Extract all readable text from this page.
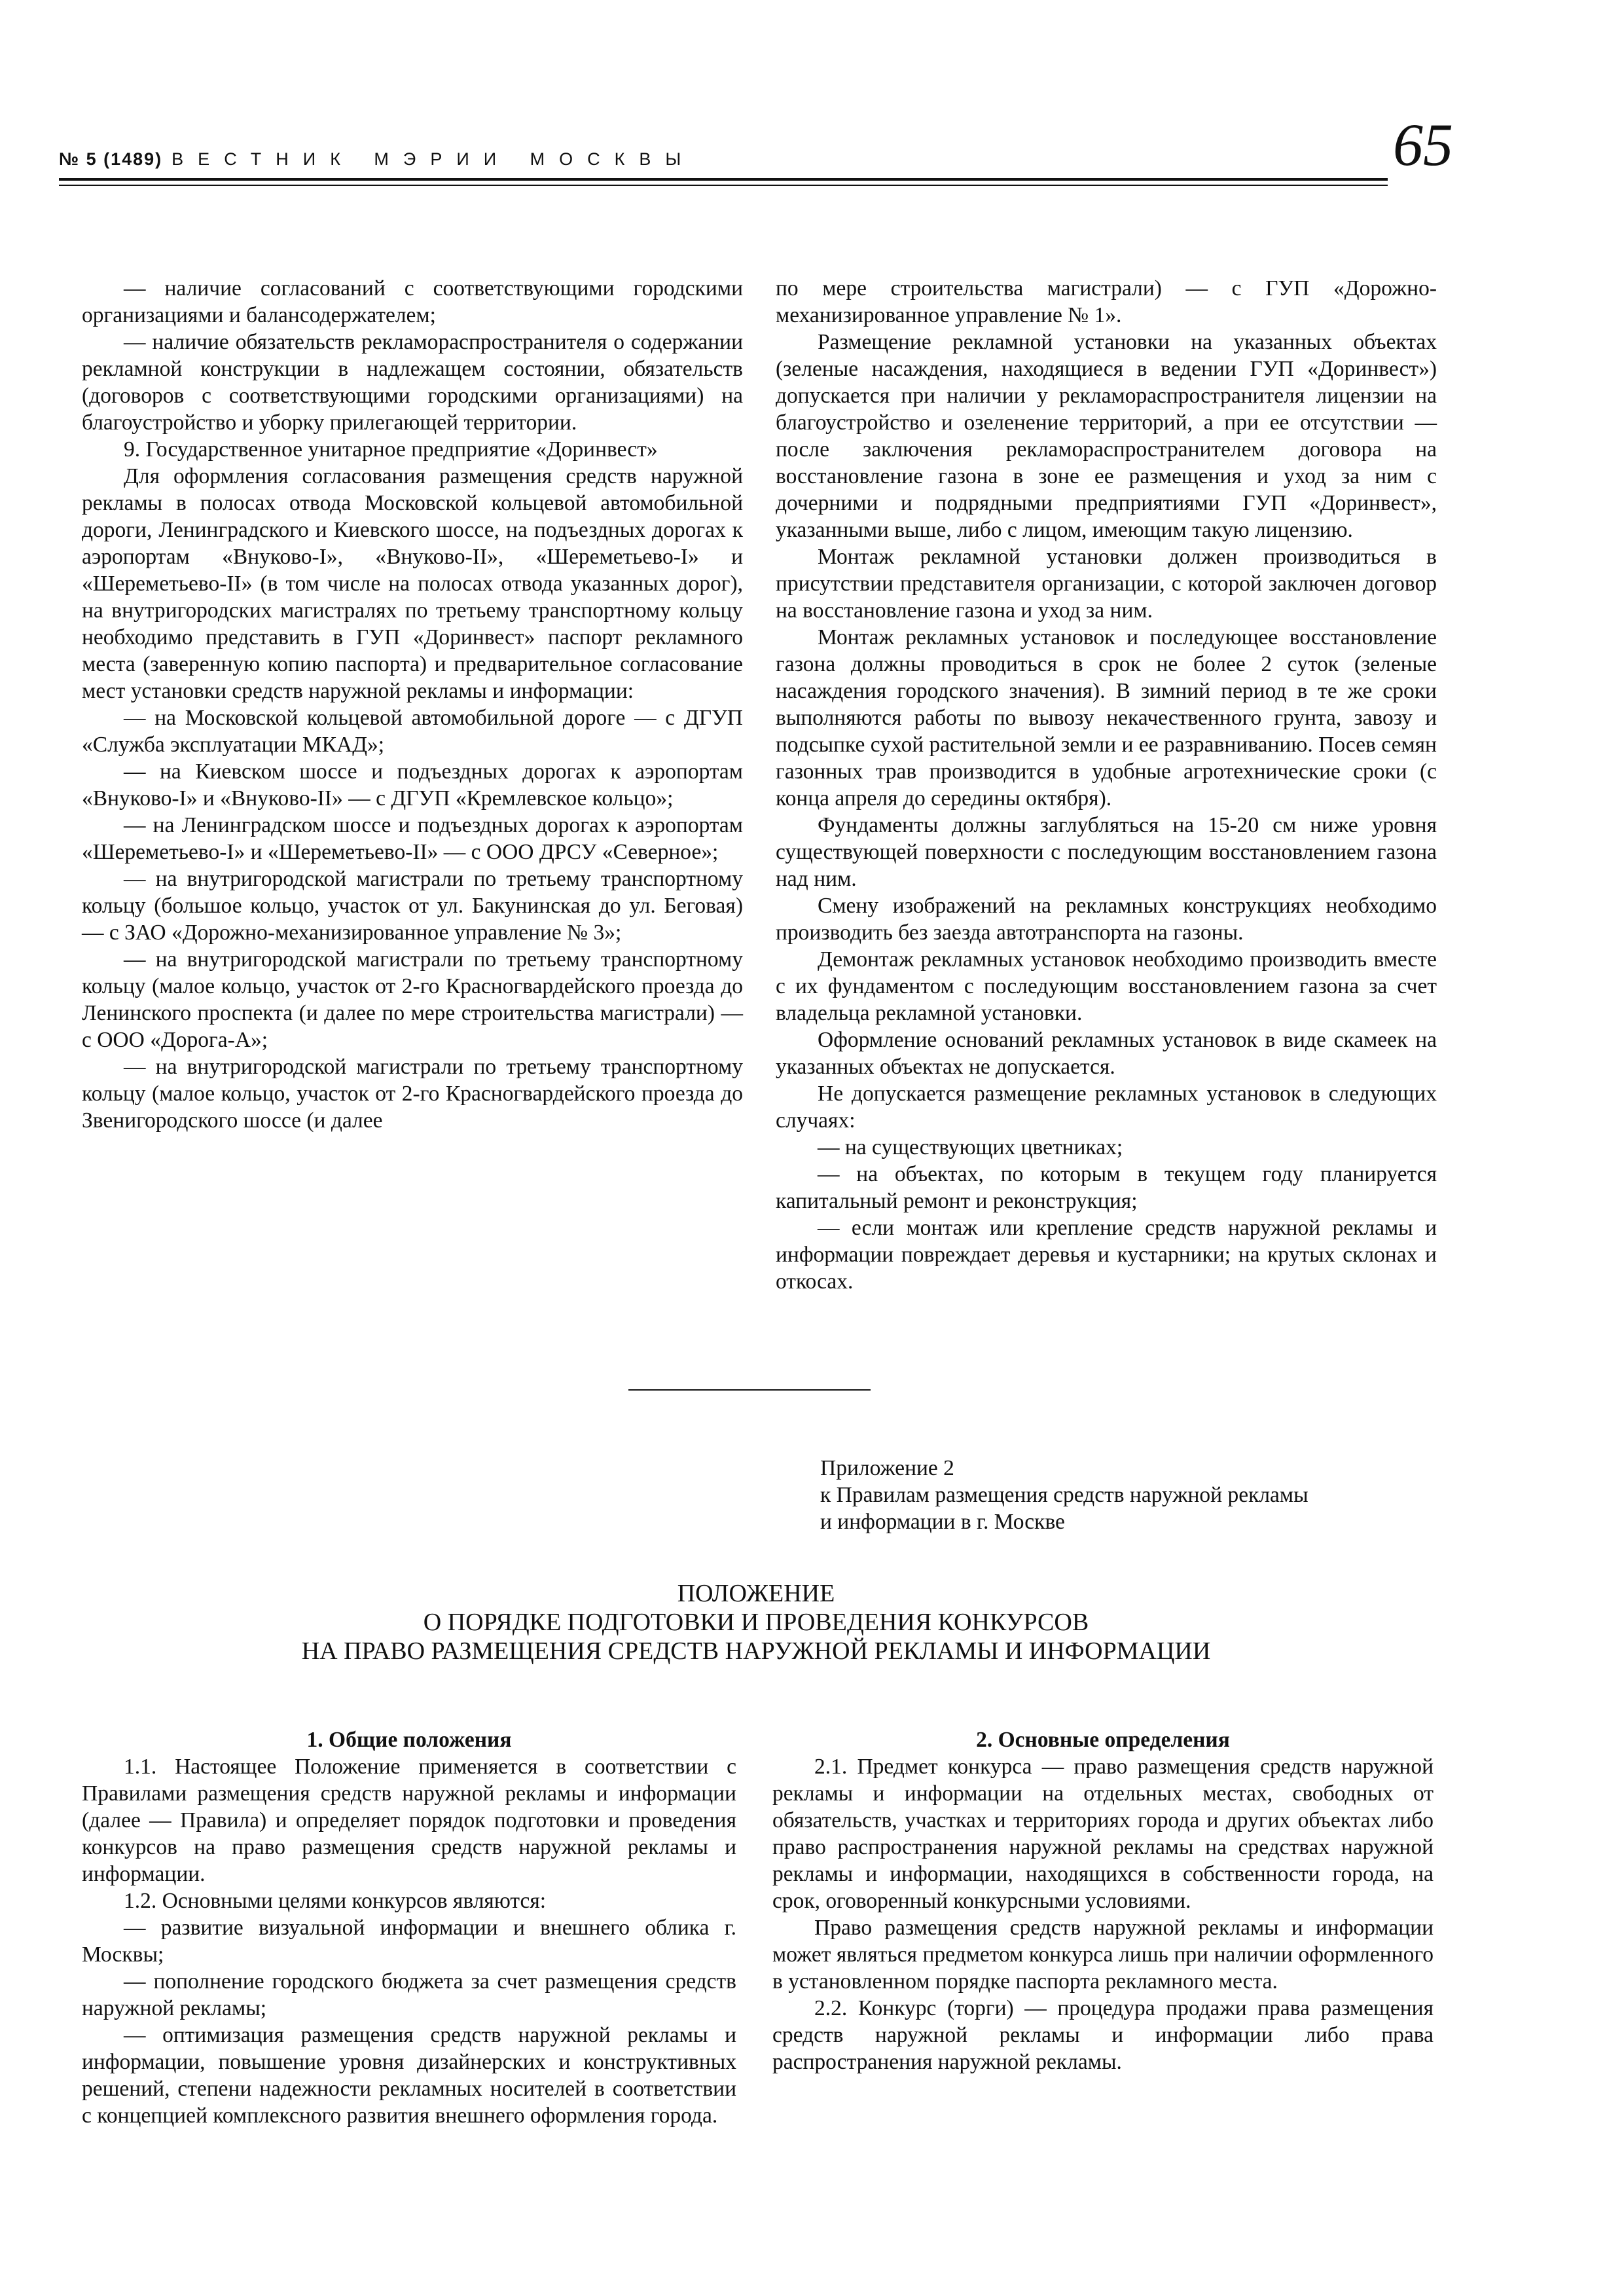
№ 5 (1489) ВЕСТНИК МЭРИИ МОСКВЫ	65

— наличие согласований с соответствующими городскими организациями и балансодержателем;

— наличие обязательств рекламораспространителя о содержании рекламной конструкции в надлежащем состоянии, обязательств (договоров с соответствующими городскими организациями) на благоустройство и уборку прилегающей территории.

9. Государственное унитарное предприятие «Доринвест»

Для оформления согласования размещения средств наружной рекламы в полосах отвода Московской кольцевой автомобильной дороги, Ленинградского и Киевского шоссе, на подъездных дорогах к аэропортам «Внуково-I», «Внуково-II», «Шереметьево-I» и «Шереметьево-II» (в том числе на полосах отвода указанных дорог), на внутригородских магистралях по третьему транспортному кольцу необходимо представить в ГУП «Доринвест» паспорт рекламного места (заверенную копию паспорта) и предварительное согласование мест установки средств наружной рекламы и информации:

— на Московской кольцевой автомобильной дороге — с ДГУП «Служба эксплуатации МКАД»;

— на Киевском шоссе и подъездных дорогах к аэропортам «Внуково-I» и «Внуково-II» — с ДГУП «Кремлевское кольцо»;

— на Ленинградском шоссе и подъездных дорогах к аэропортам «Шереметьево-I» и «Шереметьево-II» — с ООО ДРСУ «Северное»;

— на внутригородской магистрали по третьему транспортному кольцу (большое кольцо, участок от ул. Бакунинская до ул. Беговая) — с ЗАО «Дорожно-механизированное управление № 3»;

— на внутригородской магистрали по третьему транспортному кольцу (малое кольцо, участок от 2-го Красногвардейского проезда до Ленинского проспекта (и далее по мере строительства магистрали) — с ООО «Дорога-А»;

— на внутригородской магистрали по третьему транспортному кольцу (малое кольцо, участок от 2-го Красногвардейского проезда до Звенигородского шоссе (и далее

по мере строительства магистрали) — с ГУП «Дорожно-механизированное управление № 1».

Размещение рекламной установки на указанных объектах (зеленые насаждения, находящиеся в ведении ГУП «Доринвест») допускается при наличии у рекламораспространителя лицензии на благоустройство и озеленение территорий, а при ее отсутствии — после заключения рекламораспространителем договора на восстановление газона в зоне ее размещения и уход за ним с дочерними и подрядными предприятиями ГУП «Доринвест», указанными выше, либо с лицом, имеющим такую лицензию.

Монтаж рекламной установки должен производиться в присутствии представителя организации, с которой заключен договор на восстановление газона и уход за ним.

Монтаж рекламных установок и последующее восстановление газона должны проводиться в срок не более 2 суток (зеленые насаждения городского значения). В зимний период в те же сроки выполняются работы по вывозу некачественного грунта, завозу и подсыпке сухой растительной земли и ее разравниванию. Посев семян газонных трав производится в удобные агротехнические сроки (с конца апреля до середины октября).

Фундаменты должны заглубляться на 15-20 см ниже уровня существующей поверхности с последующим восстановлением газона над ним.

Смену изображений на рекламных конструкциях необходимо производить без заезда автотранспорта на газоны.

Демонтаж рекламных установок необходимо производить вместе с их фундаментом с последующим восстановлением газона за счет владельца рекламной установки.

Оформление оснований рекламных установок в виде скамеек на указанных объектах не допускается.

Не допускается размещение рекламных установок в следующих случаях:

— на существующих цветниках;

— на объектах, по которым в текущем году планируется капитальный ремонт и реконструкция;

— если монтаж или крепление средств наружной рекламы и информации повреждает деревья и кустарники; на крутых склонах и откосах.

Приложение 2
к Правилам размещения средств наружной рекламы
и информации в г. Москве
ПОЛОЖЕНИЕ
О ПОРЯДКЕ ПОДГОТОВКИ И ПРОВЕДЕНИЯ КОНКУРСОВ
НА ПРАВО РАЗМЕЩЕНИЯ СРЕДСТВ НАРУЖНОЙ РЕКЛАМЫ И ИНФОРМАЦИИ

1. Общие положения

1.1. Настоящее Положение применяется в соответствии с Правилами размещения средств наружной рекламы и информации (далее — Правила) и определяет порядок подготовки и проведения конкурсов на право размещения средств наружной рекламы и информации.

1.2. Основными целями конкурсов являются:

— развитие визуальной информации и внешнего облика г. Москвы;

— пополнение городского бюджета за счет размещения средств наружной рекламы;

— оптимизация размещения средств наружной рекламы и информации, повышение уровня дизайнерских и конструктивных решений, степени надежности рекламных носителей в соответствии с концепцией комплексного развития внешнего оформления города.

2. Основные определения

2.1. Предмет конкурса — право размещения средств наружной рекламы и информации на отдельных местах, свободных от обязательств, участках и территориях города и других объектах либо право распространения наружной рекламы на средствах наружной рекламы и информации, находящихся в собственности города, на срок, оговоренный конкурсными условиями.

Право размещения средств наружной рекламы и информации может являться предметом конкурса лишь при наличии оформленного в установленном порядке паспорта рекламного места.

2.2. Конкурс (торги) — процедура продажи права размещения средств наружной рекламы и информации либо права распространения наружной рекламы.
